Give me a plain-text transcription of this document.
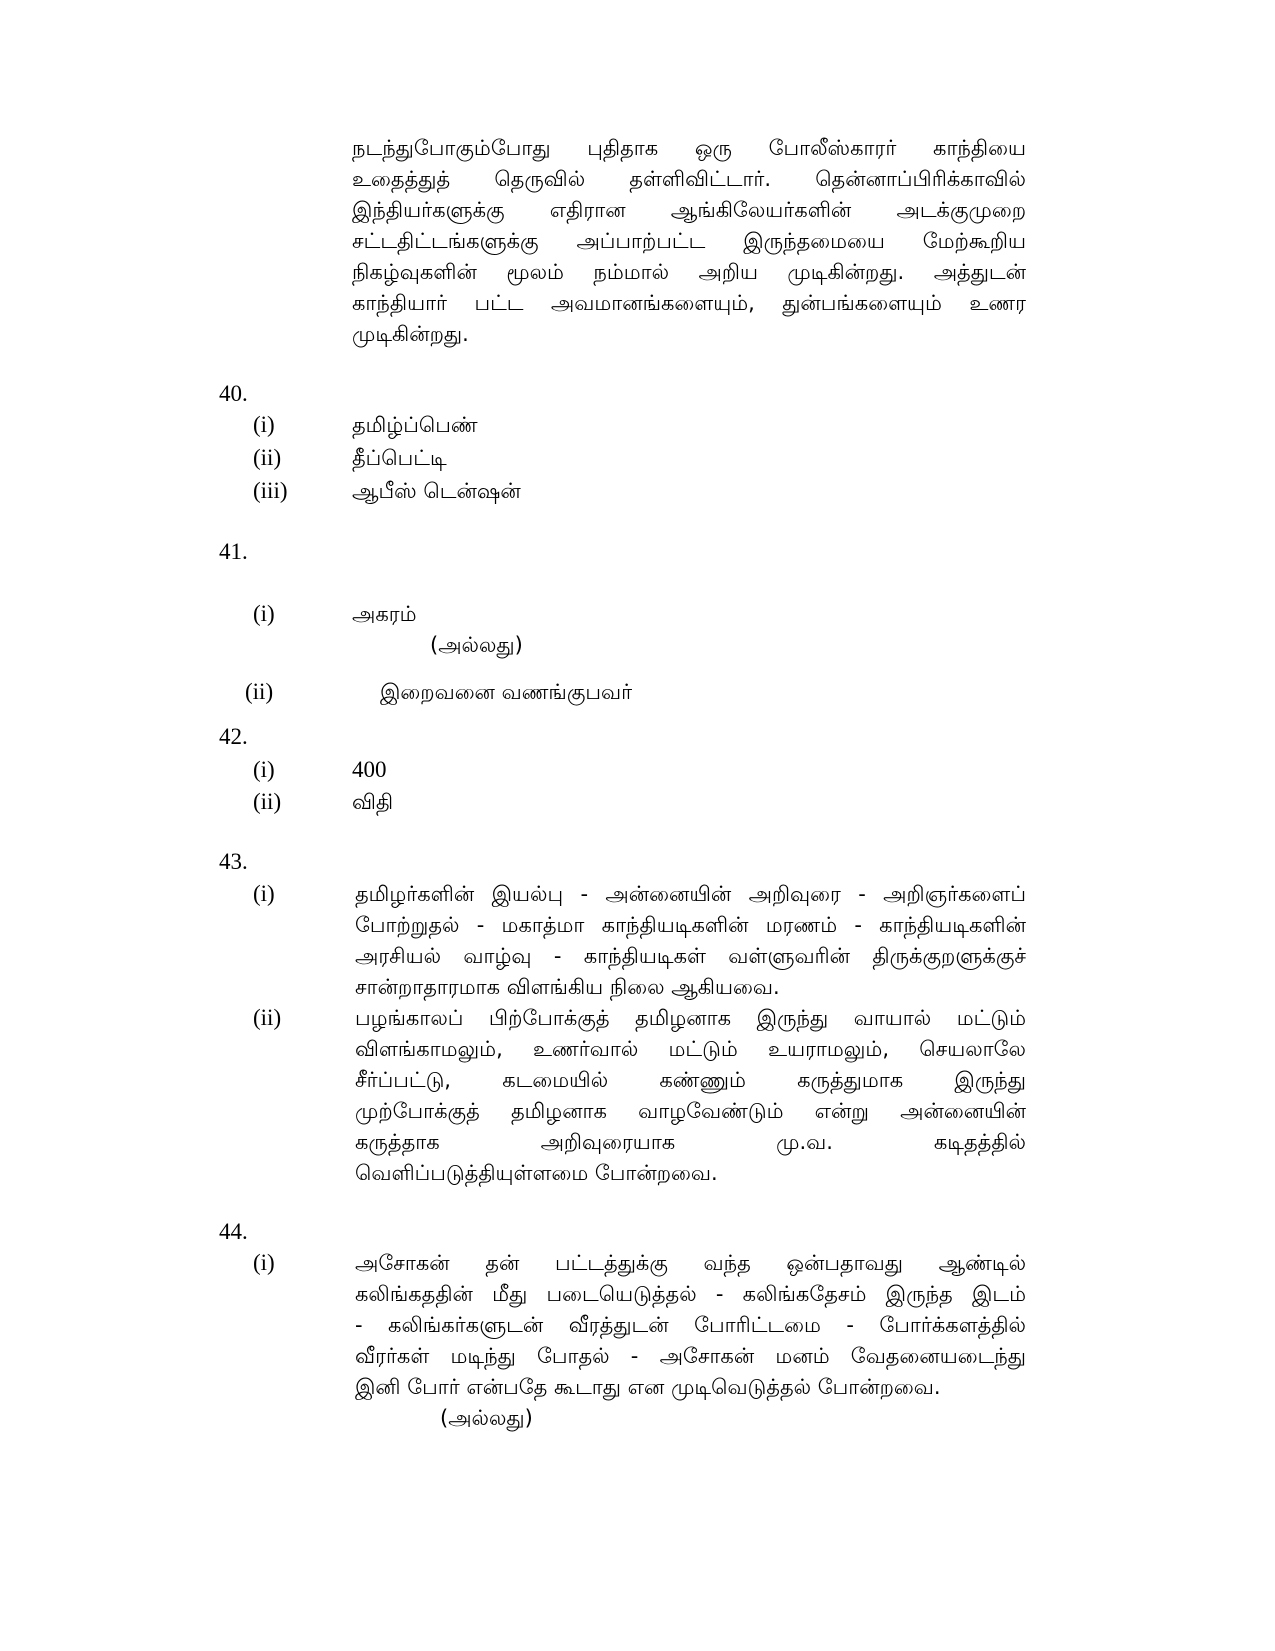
நடந்துபோகும்போது புதிதாக ஒரு போலீஸ்காரர் காந்தியை
உதைத்துத் தெருவில் தள்ளிவிட்டார். தென்னாப்பிரிக்காவில்
இந்தியர்களுக்கு எதிரான ஆங்கிலேயர்களின் அடக்குமுறை
சட்டதிட்டங்களுக்கு அப்பாற்பட்ட இருந்தமையை மேற்கூறிய
நிகழ்வுகளின் மூலம் நம்மால் அறிய முடிகின்றது. அத்துடன்
காந்தியார் பட்ட அவமானங்களையும், துன்பங்களையும் உணர
முடிகின்றது.
40.
(i)	தமிழ்ப்பெண்
(ii)	தீப்பெட்டி
(iii)	ஆபீஸ் டென்ஷன்
41.
(i)	அகரம்
(அல்லது)
(ii)	இறைவனை வணங்குபவர்
42.
(i)	400
(ii)	விதி
43.
(i)	தமிழர்களின் இயல்பு - அன்னையின் அறிவுரை - அறிஞர்களைப்
போற்றுதல் - மகாத்மா காந்தியடிகளின் மரணம் - காந்தியடிகளின்
அரசியல் வாழ்வு - காந்தியடிகள் வள்ளுவரின் திருக்குறளுக்குச்
சான்றாதாரமாக விளங்கிய நிலை ஆகியவை.
(ii)	பழங்காலப் பிற்போக்குத் தமிழனாக இருந்து வாயால் மட்டும்
விளங்காமலும், உணர்வால் மட்டும் உயராமலும், செயலாலே
சீர்ப்பட்டு, கடமையில் கண்ணும் கருத்துமாக இருந்து
முற்போக்குத் தமிழனாக வாழவேண்டும் என்று அன்னையின்
கருத்தாக அறிவுரையாக மு.வ. கடிதத்தில்
வெளிப்படுத்தியுள்ளமை போன்றவை.
44.
(i)	அசோகன் தன் பட்டத்துக்கு வந்த ஒன்பதாவது ஆண்டில்
கலிங்கததின் மீது படையெடுத்தல் - கலிங்கதேசம் இருந்த இடம்
- கலிங்கர்களுடன் வீரத்துடன் போரிட்டமை - போர்க்களத்தில்
வீரர்கள் மடிந்து போதல் - அசோகன் மனம் வேதனையடைந்து
இனி போர் என்பதே கூடாது என முடிவெடுத்தல் போன்றவை.
(அல்லது)
